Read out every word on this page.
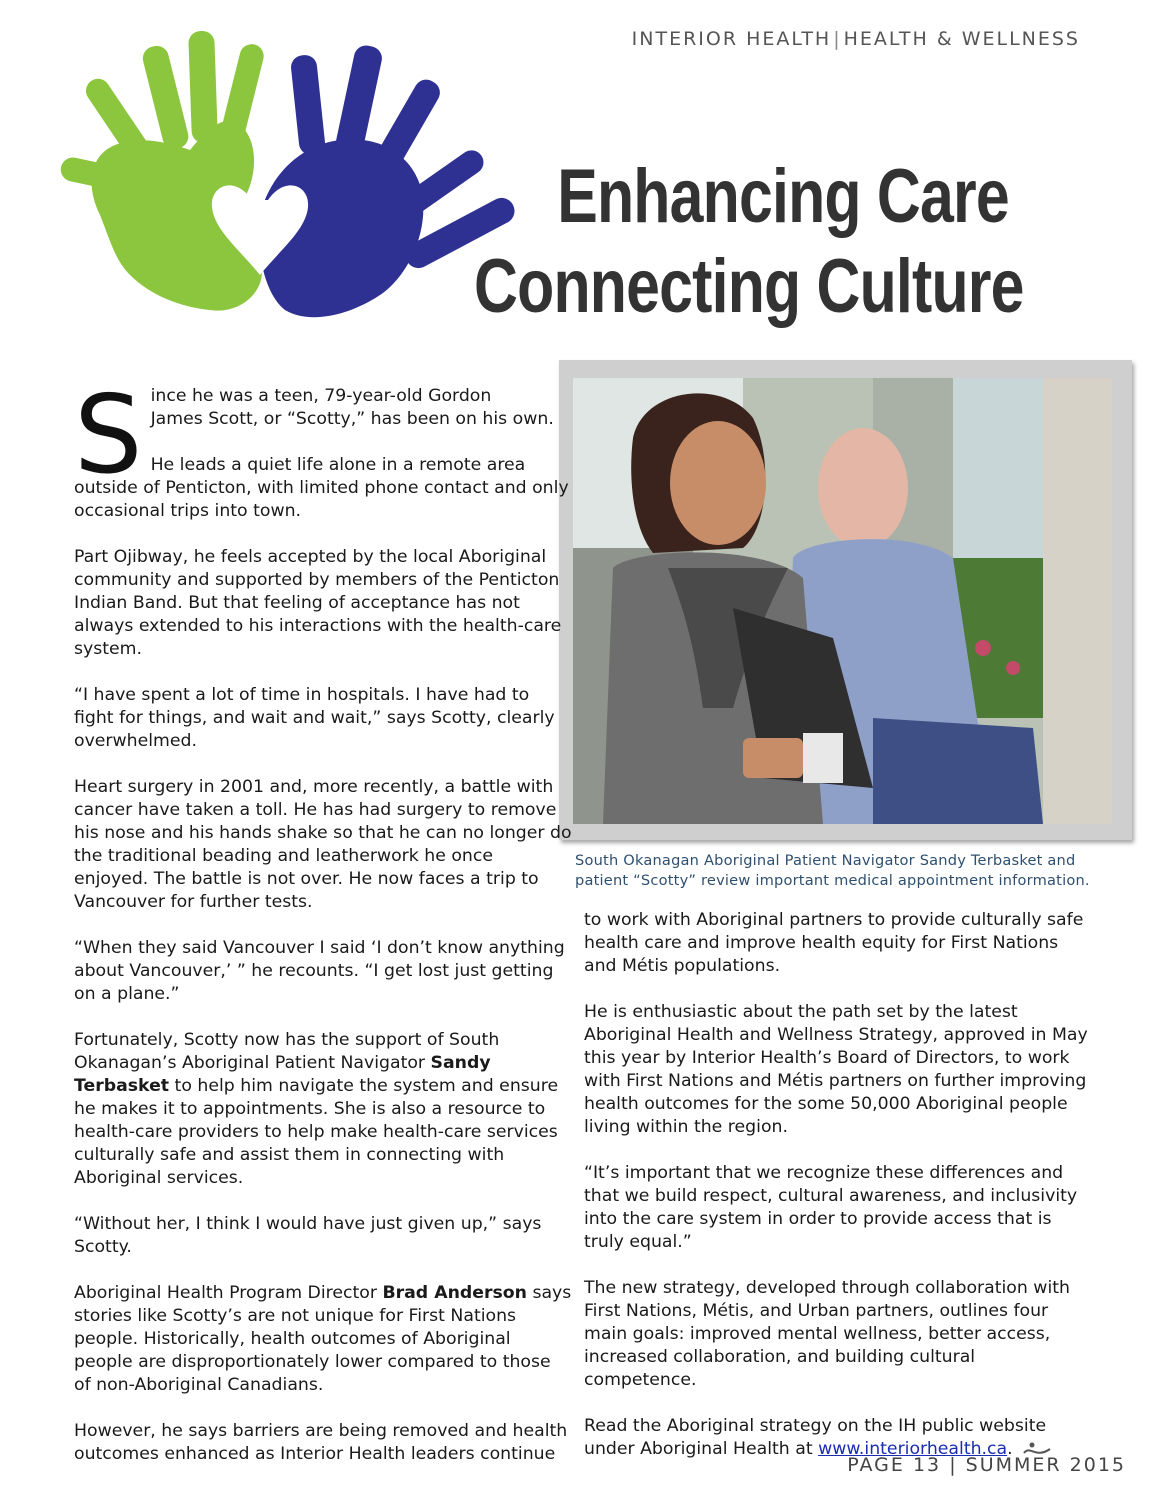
INTERIOR HEALTH | HEALTH & WELLNESS
Enhancing Care
Connecting Culture
South Okanagan Aboriginal Patient Navigator Sandy Terbasket and patient “Scotty” review important medical appointment information.

S ince he was a teen, 79-year-old Gordon
James Scott, or “Scotty,” has been on his own.

He leads a quiet life alone in a remote area
outside of Penticton, with limited phone contact and only occasional trips into town.

Part Ojibway, he feels accepted by the local Aboriginal community and supported by members of the Penticton Indian Band. But that feeling of acceptance has not always extended to his interactions with the health-care system.

“I have spent a lot of time in hospitals. I have had to fight for things, and wait and wait,” says Scotty, clearly overwhelmed.

Heart surgery in 2001 and, more recently, a battle with cancer have taken a toll. He has had surgery to remove his nose and his hands shake so that he can no longer do the traditional beading and leatherwork he once enjoyed. The battle is not over. He now faces a trip to Vancouver for further tests.

“When they said Vancouver I said ‘I don’t know anything about Vancouver,’ ” he recounts. “I get lost just getting on a plane.”

Fortunately, Scotty now has the support of South Okanagan’s Aboriginal Patient Navigator Sandy Terbasket to help him navigate the system and ensure he makes it to appointments. She is also a resource to health-care providers to help make health-care services culturally safe and assist them in connecting with Aboriginal services.

“Without her, I think I would have just given up,” says Scotty.

Aboriginal Health Program Director Brad Anderson says stories like Scotty’s are not unique for First Nations people. Historically, health outcomes of Aboriginal people are disproportionately lower compared to those of non-Aboriginal Canadians.

However, he says barriers are being removed and health outcomes enhanced as Interior Health leaders continue

to work with Aboriginal partners to provide culturally safe health care and improve health equity for First Nations and Métis populations.

He is enthusiastic about the path set by the latest Aboriginal Health and Wellness Strategy, approved in May this year by Interior Health’s Board of Directors, to work with First Nations and Métis partners on further improving health outcomes for the some 50,000 Aboriginal people living within the region.

“It’s important that we recognize these differences and that we build respect, cultural awareness, and inclusivity into the care system in order to provide access that is truly equal.”

The new strategy, developed through collaboration with First Nations, Métis, and Urban partners, outlines four main goals: improved mental wellness, better access, increased collaboration, and building cultural competence.

Read the Aboriginal strategy on the IH public website under Aboriginal Health at www.interiorhealth.ca.

PAGE 13 | SUMMER 2015
